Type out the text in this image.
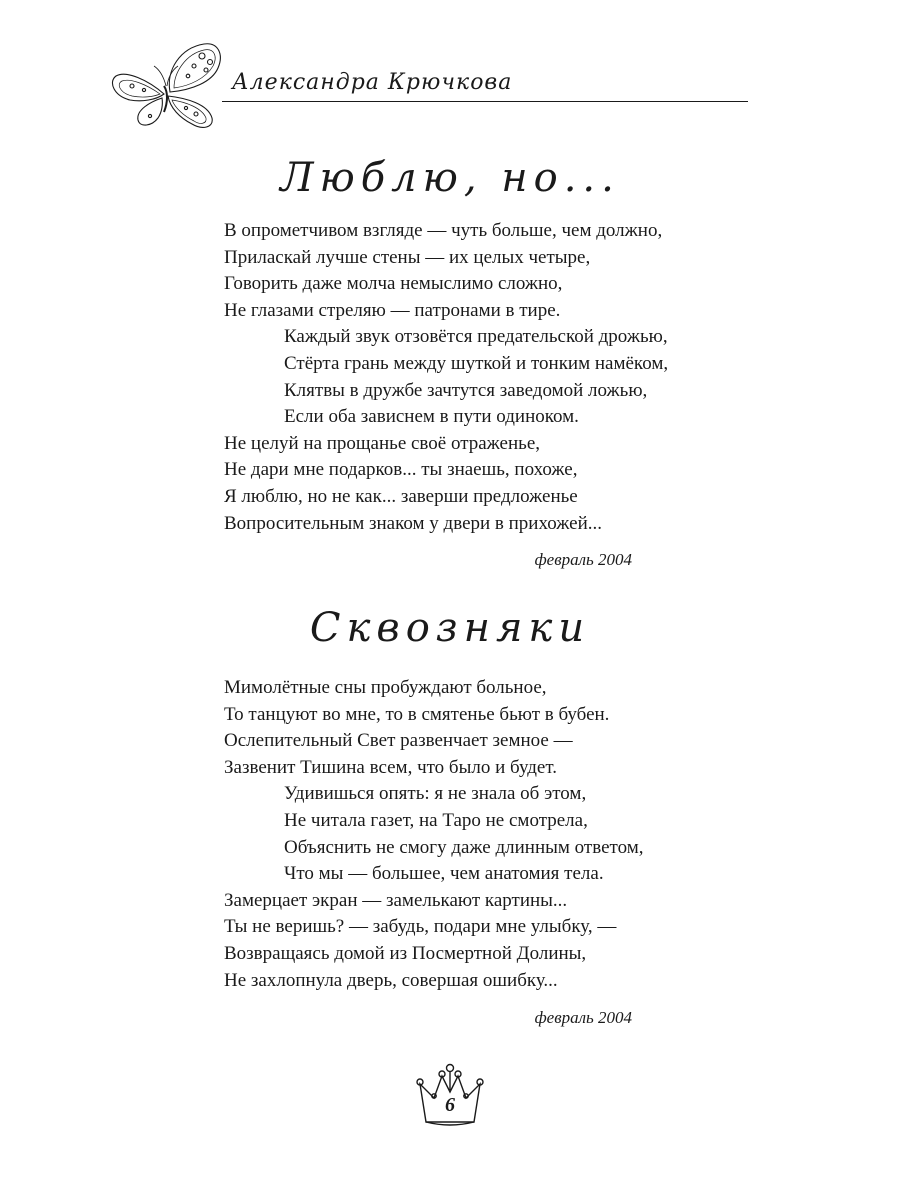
Александра Крючкова
Люблю, но...
В опрометчивом взгляде — чуть больше, чем должно,
Приласкай лучше стены — их целых четыре,
Говорить даже молча немыслимо сложно,
Не глазами стреляю — патронами в тире.
Каждый звук отзовётся предательской дрожью,
Стёрта грань между шуткой и тонким намёком,
Клятвы в дружбе зачтутся заведомой ложью,
Если оба зависнем в пути одиноком.
Не целуй на прощанье своё отраженье,
Не дари мне подарков... ты знаешь, похоже,
Я люблю, но не как... заверши предложенье
Вопросительным знаком у двери в прихожей...
февраль 2004
Сквозняки
Мимолётные сны пробуждают больное,
То танцуют во мне, то в смятенье бьют в бубен.
Ослепительный Свет развенчает земное —
Зазвенит Тишина всем, что было и будет.
Удивишься опять: я не знала об этом,
Не читала газет, на Таро не смотрела,
Объяснить не смогу даже длинным ответом,
Что мы — большее, чем анатомия тела.
Замерцает экран — замелькают картины...
Ты не веришь? — забудь, подари мне улыбку, —
Возвращаясь домой из Посмертной Долины,
Не захлопнула дверь, совершая ошибку...
февраль 2004
6
